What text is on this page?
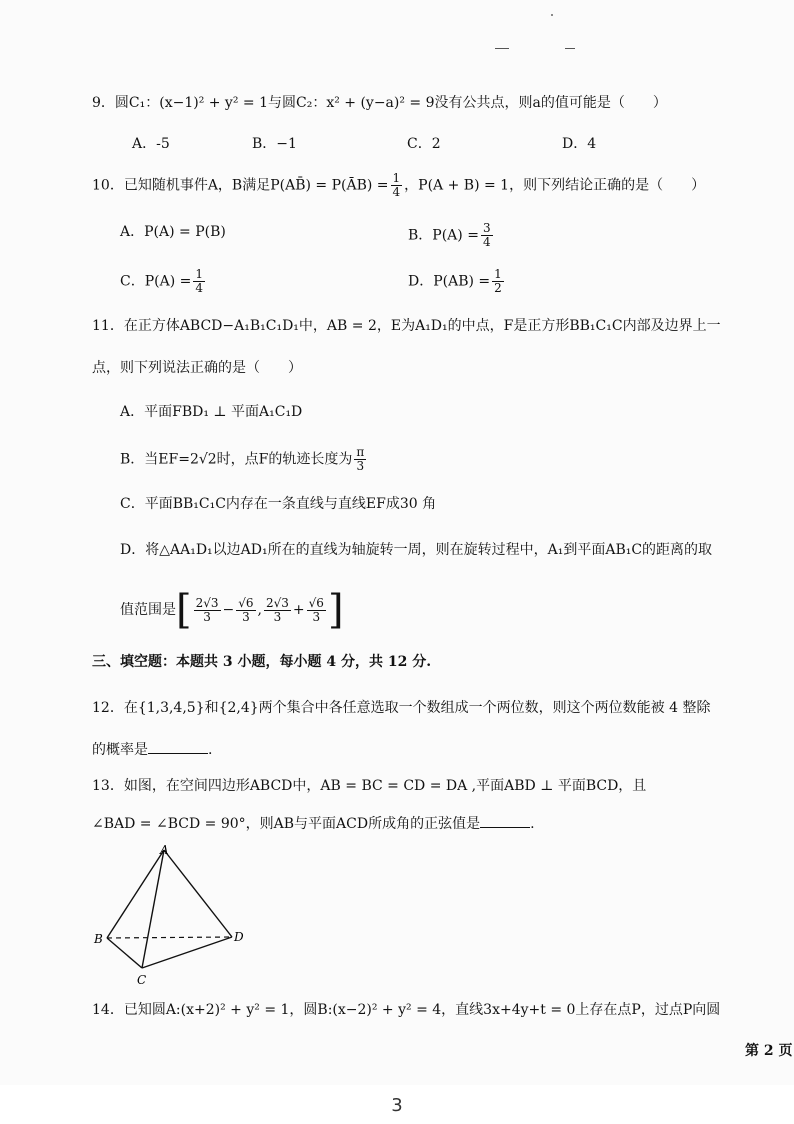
9．圆C₁：(x−1)² + y² = 1与圆C₂：x² + (y−a)² = 9没有公共点，则a的值可能是（　　）
A．-5	B．−1	C．2	D．4
10．已知随机事件A，B满足P(AB̄) = P(ĀB) = $\frac{1}{4}$ ，P(A + B) = 1，则下列结论正确的是（　　）
A．P(A) = P(B)	B．$P(A) = \frac{3}{4}$
C．$P(A) = \frac{1}{4}$	D．$P(AB) = \frac{1}{2}$
11．在正方体ABCD−A₁B₁C₁D₁中，AB = 2，E为A₁D₁的中点，F是正方形BB₁C₁C内部及边界上一
点，则下列说法正确的是（　　）
A．平面FBD₁ ⊥ 平面A₁C₁D
B．当EF=2√2时，点F的轨迹长度为 $\frac{\pi}{3}$
C．平面BB₁C₁C内存在一条直线与直线EF成30 角
D．将△AA₁D₁以边AD₁所在的直线为轴旋转一周，则在旋转过程中，A₁到平面AB₁C的距离的取
值范围是[ $\frac{2√3}{3} - \frac{√6}{3}$ , $\frac{2√3}{3} + \frac{√6}{3}$ ]
三、填空题：本题共 3 小题，每小题 4 分，共 12 分.
12．在{1,3,4,5}和{2,4}两个集合中各任意选取一个数组成一个两位数，则这个两位数能被 4 整除
的概率是	.
13．如图，在空间四边形ABCD中，AB = BC = CD = DA ,平面ABD ⊥ 平面BCD，且
∠BAD = ∠BCD = 90°，则AB与平面ACD所成角的正弦值是	.
A
B
C
D
14．已知圆A:(x+2)² + y² = 1，圆B:(x−2)² + y² = 4，直线3x+4y+t = 0上存在点P，过点P向圆
第 2 页
3
